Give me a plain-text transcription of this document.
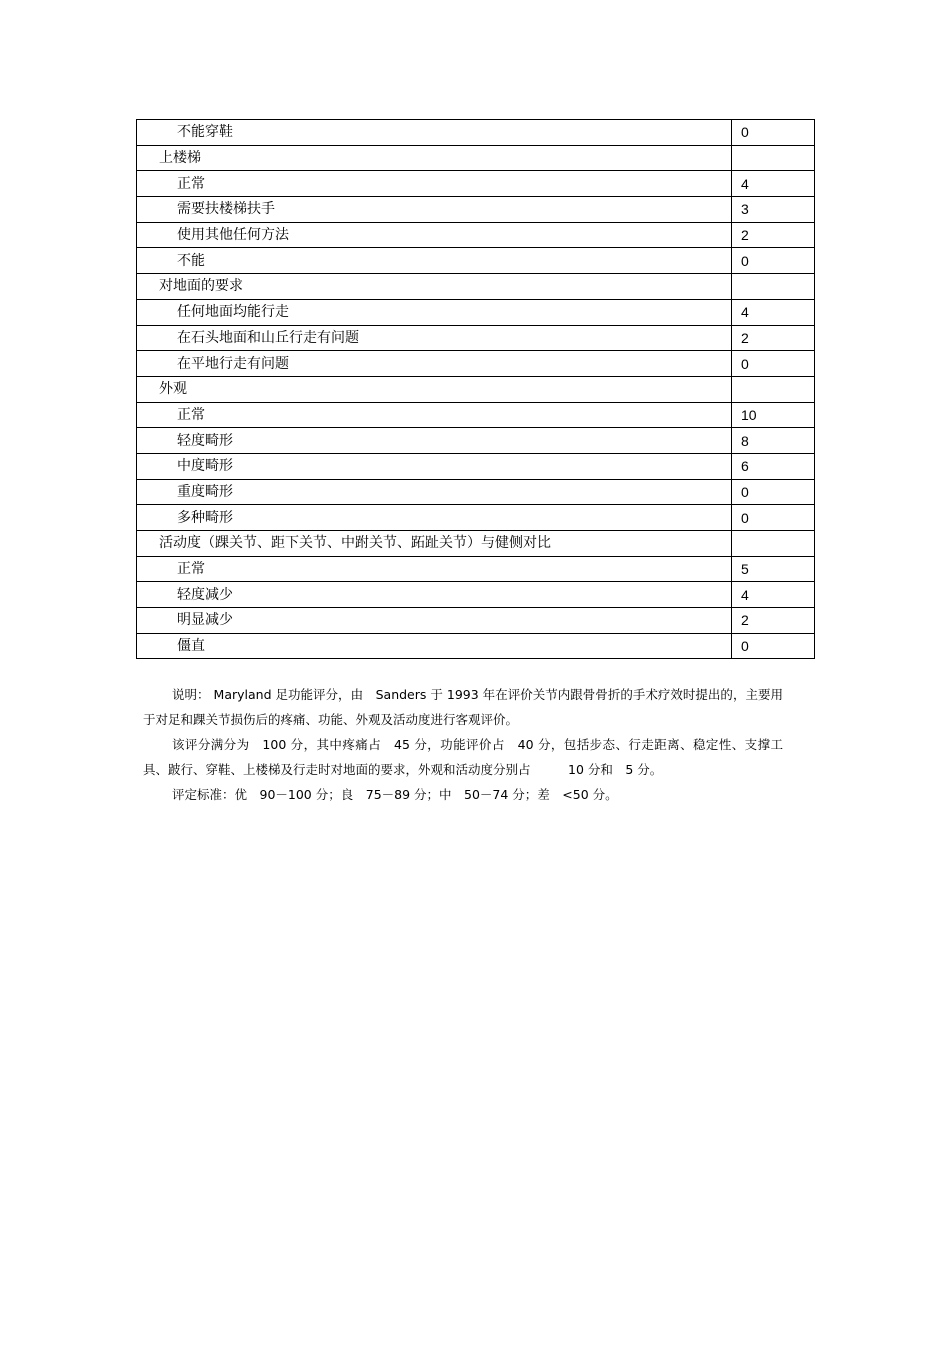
不能穿鞋	0
上楼梯	
正常	4
需要扶楼梯扶手	3
使用其他任何方法	2
不能	0
对地面的要求	
任何地面均能行走	4
在石头地面和山丘行走有问题	2
在平地行走有问题	0
外观	
正常	10
轻度畸形	8
中度畸形	6
重度畸形	0
多种畸形	0
活动度（踝关节、距下关节、中跗关节、跖趾关节）与健侧对比	
正常	5
轻度减少	4
明显减少	2
僵直	0

说明： Maryland 足功能评分，由　Sanders 于 1993 年在评价关节内跟骨骨折的手术疗效时提出的，主要用于对足和踝关节损伤后的疼痛、功能、外观及活动度进行客观评价。

该评分满分为　100 分，其中疼痛占　45 分，功能评价占　40 分，包括步态、行走距离、稳定性、支撑工具、跛行、穿鞋、上楼梯及行走时对地面的要求，外观和活动度分别占　　　10 分和　5 分。

评定标准：优　90－100 分；良　75－89 分；中　50－74 分；差　<50 分。
